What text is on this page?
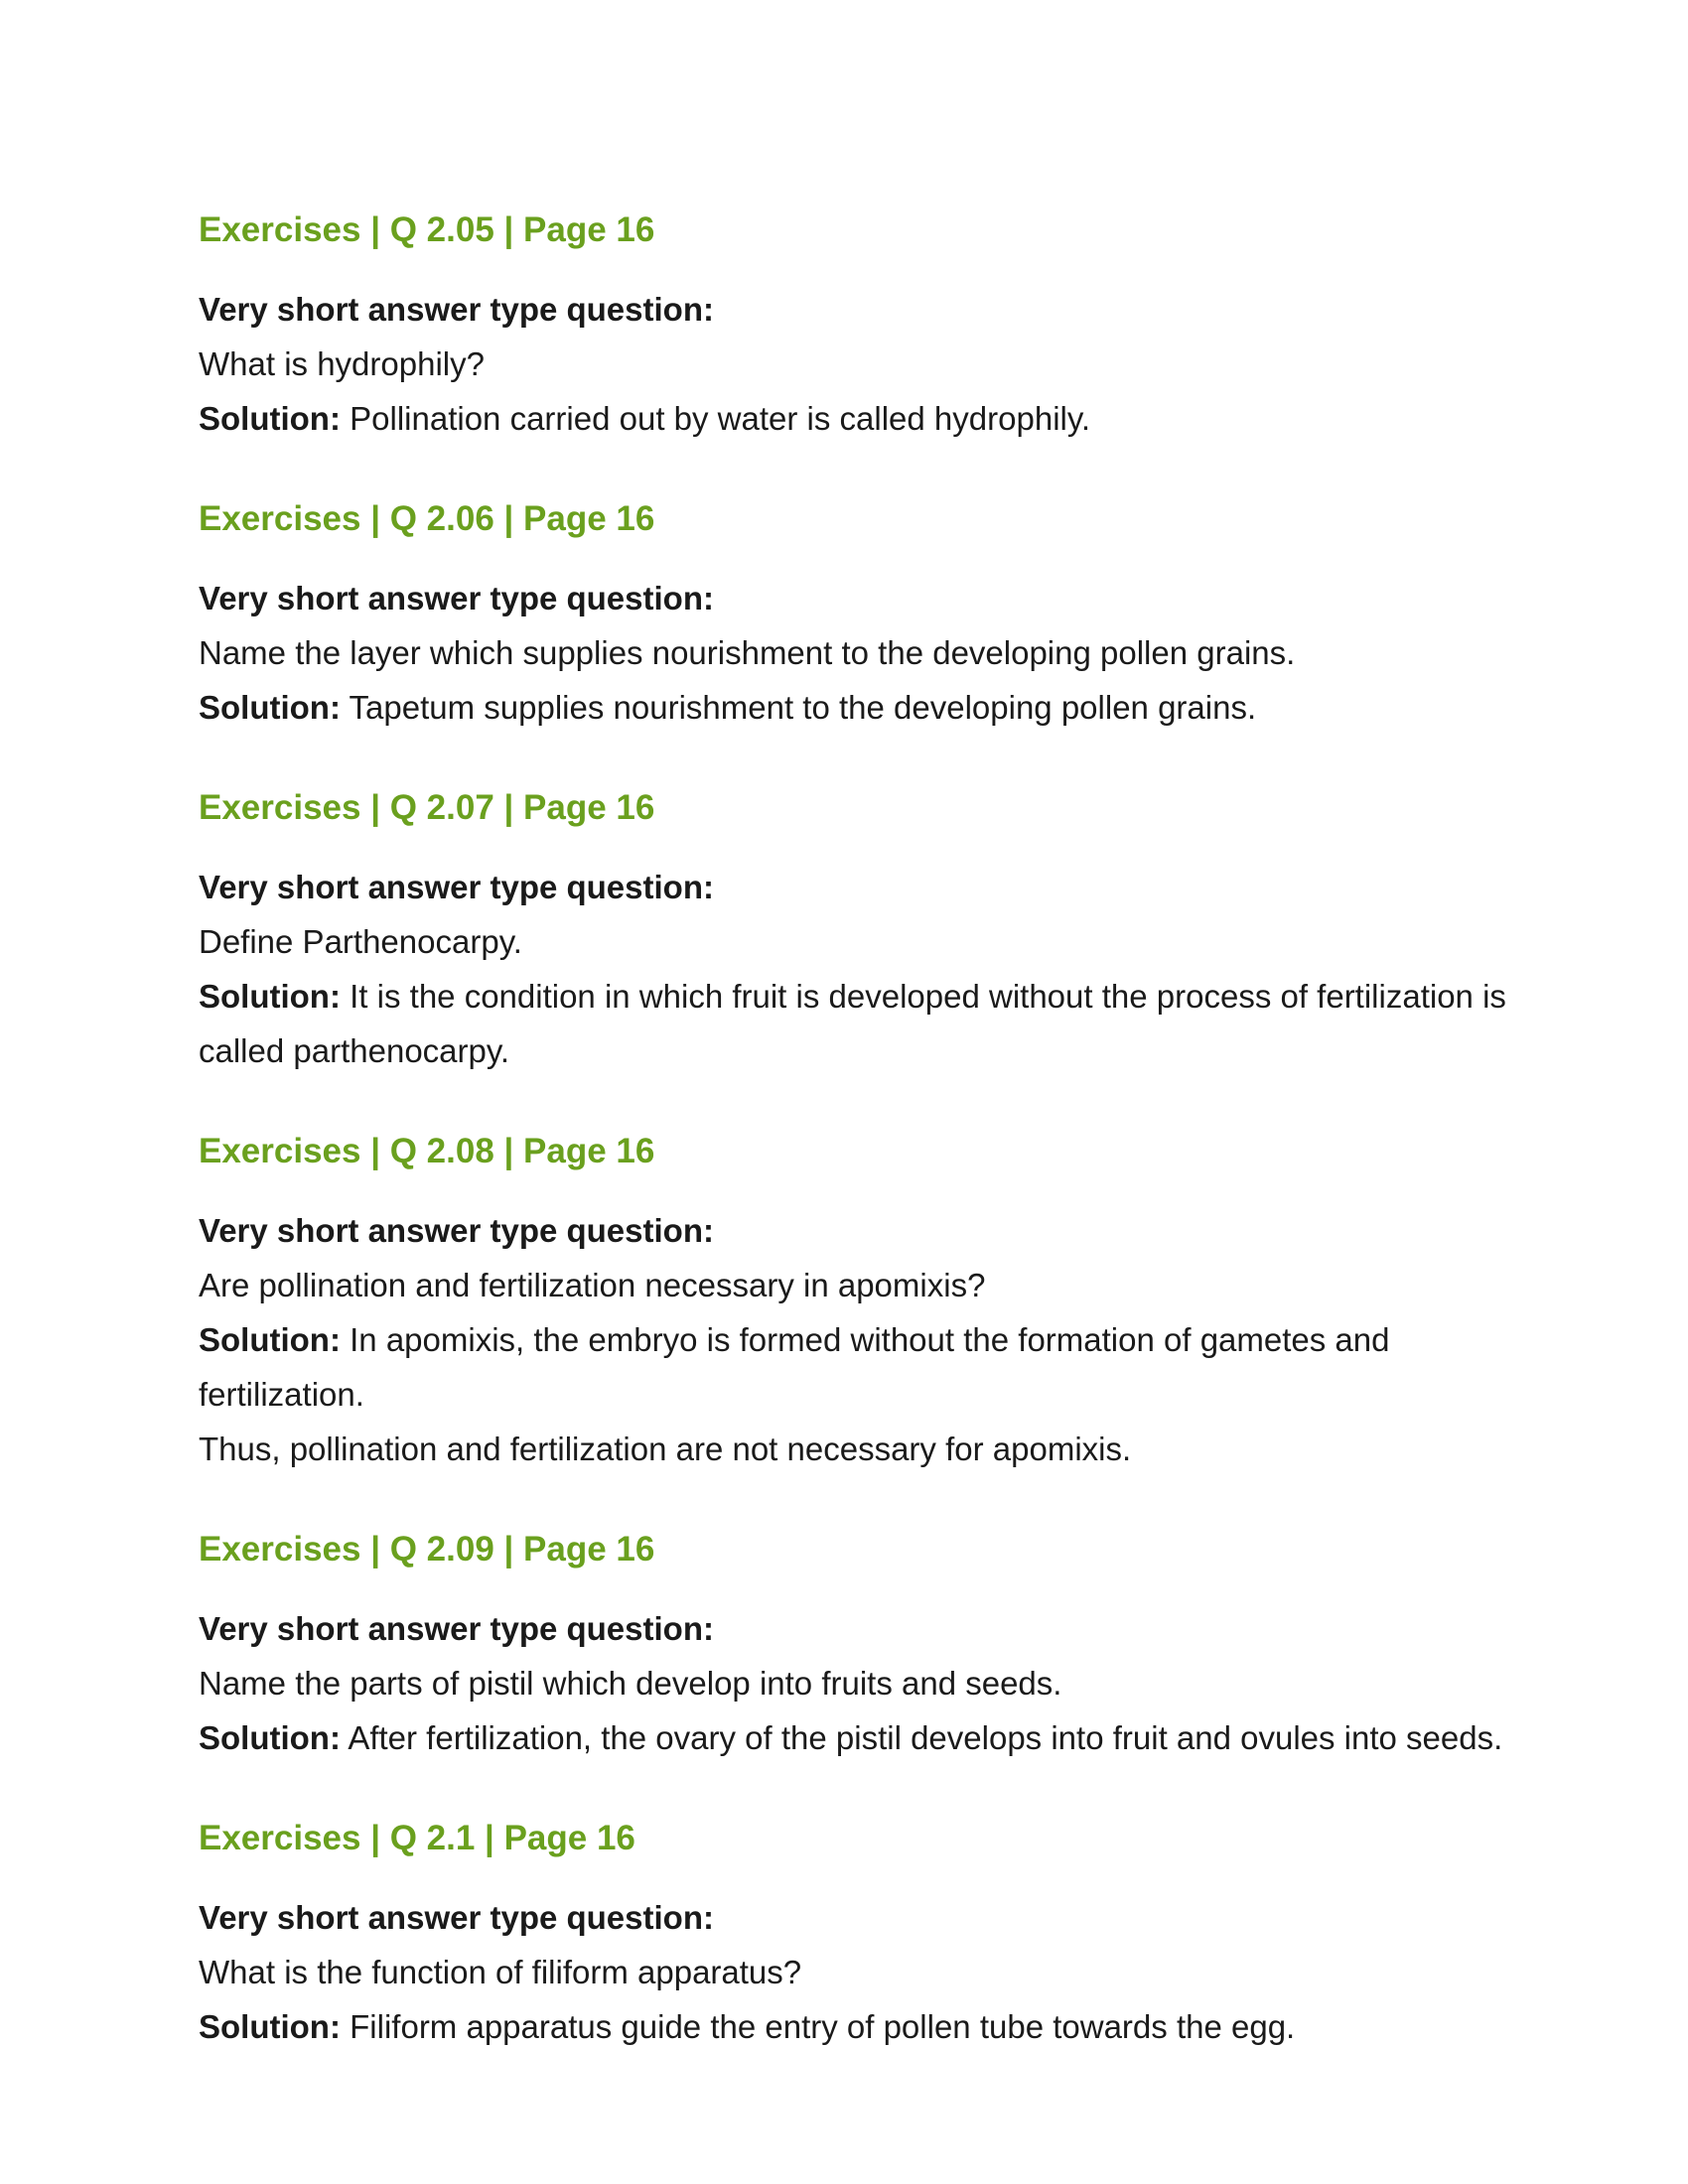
Exercises | Q 2.05 | Page 16
Very short answer type question:
What is hydrophily?
Solution: Pollination carried out by water is called hydrophily.
Exercises | Q 2.06 | Page 16
Very short answer type question:
Name the layer which supplies nourishment to the developing pollen grains.
Solution: Tapetum supplies nourishment to the developing pollen grains.
Exercises | Q 2.07 | Page 16
Very short answer type question:
Define Parthenocarpy.
Solution: It is the condition in which fruit is developed without the process of fertilization is called parthenocarpy.
Exercises | Q 2.08 | Page 16
Very short answer type question:
Are pollination and fertilization necessary in apomixis?
Solution: In apomixis, the embryo is formed without the formation of gametes and fertilization.
Thus, pollination and fertilization are not necessary for apomixis.
Exercises | Q 2.09 | Page 16
Very short answer type question:
Name the parts of pistil which develop into fruits and seeds.
Solution: After fertilization, the ovary of the pistil develops into fruit and ovules into seeds.
Exercises | Q 2.1 | Page 16
Very short answer type question:
What is the function of filiform apparatus?
Solution: Filiform apparatus guide the entry of pollen tube towards the egg.
